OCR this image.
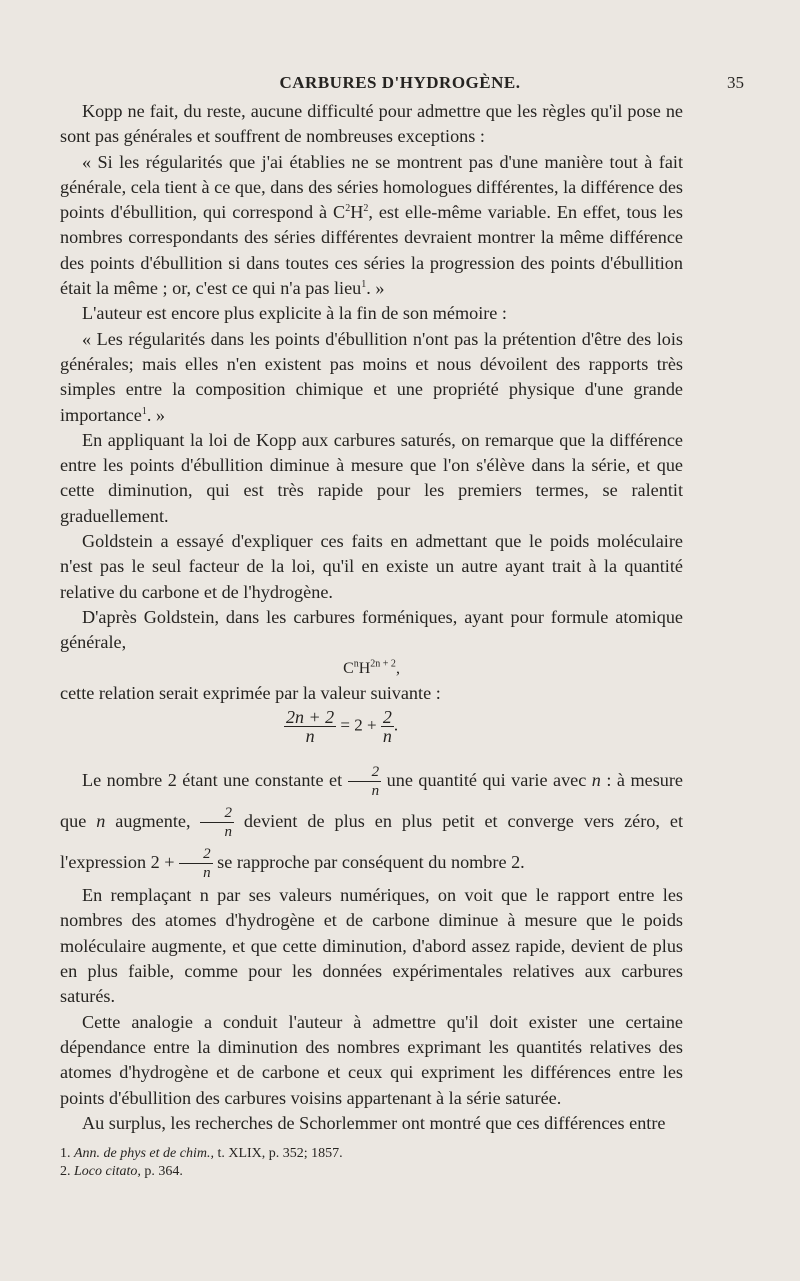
CARBURES D'HYDROGÈNE.	35

Kopp ne fait, du reste, aucune difficulté pour admettre que les règles qu'il pose ne sont pas générales et souffrent de nombreuses exceptions :

« Si les régularités que j'ai établies ne se montrent pas d'une manière tout à fait générale, cela tient à ce que, dans des séries homologues différentes, la différence des points d'ébullition, qui correspond à $C^2H^2$, est elle-même variable. En effet, tous les nombres correspondants des séries différentes devraient montrer la même différence des points d'ébullition si dans toutes ces séries la progression des points d'ébullition était la même ; or, c'est ce qui n'a pas lieu$^1$. »

L'auteur est encore plus explicite à la fin de son mémoire :

« Les régularités dans les points d'ébullition n'ont pas la prétention d'être des lois générales; mais elles n'en existent pas moins et nous dévoilent des rapports très simples entre la composition chimique et une propriété physique d'une grande importance$^1$. »

En appliquant la loi de Kopp aux carbures saturés, on remarque que la différence entre les points d'ébullition diminue à mesure que l'on s'élève dans la série, et que cette diminution, qui est très rapide pour les premiers termes, se ralentit graduellement.

Goldstein a essayé d'expliquer ces faits en admettant que le poids moléculaire n'est pas le seul facteur de la loi, qu'il en existe un autre ayant trait à la quantité relative du carbone et de l'hydrogène.

D'après Goldstein, dans les carbures forméniques, ayant pour formule atomique générale,

$C^nH^{2n + 2}$,

cette relation serait exprimée par la valeur suivante :

$\frac{2n + 2}{n} = 2 + \frac{2}{n}$ .

Le nombre 2 étant une constante et $\frac{2}{n}$ une quantité qui varie avec n : à mesure que n augmente, $\frac{2}{n}$ devient de plus en plus petit et converge vers zéro, et l'expression $2 + \frac{2}{n}$ se rapproche par conséquent du nombre 2.

En remplaçant n par ses valeurs numériques, on voit que le rapport entre les nombres des atomes d'hydrogène et de carbone diminue à mesure que le poids moléculaire augmente, et que cette diminution, d'abord assez rapide, devient de plus en plus faible, comme pour les données expérimentales relatives aux carbures saturés.

Cette analogie a conduit l'auteur à admettre qu'il doit exister une certaine dépendance entre la diminution des nombres exprimant les quantités relatives des atomes d'hydrogène et de carbone et ceux qui expriment les différences entre les points d'ébullition des carbures voisins appartenant à la série saturée.

Au surplus, les recherches de Schorlemmer ont montré que ces différences entre

1. Ann. de phys et de chim., t. XLIX, p. 352; 1857.

2. Loco citato, p. 364.
